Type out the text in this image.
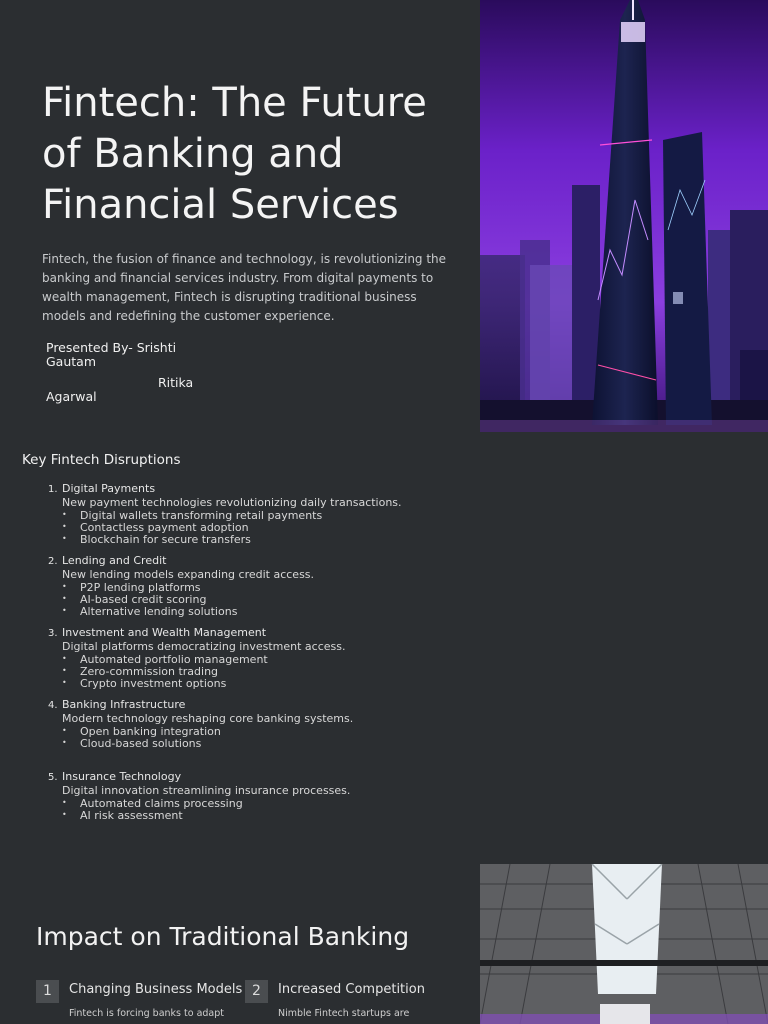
Fintech: The Future of Banking and Financial Services

Fintech, the fusion of finance and technology, is revolutionizing the banking and financial services industry. From digital payments to wealth management, Fintech is disrupting traditional business models and redefining the customer experience.

Presented By- Srishti Gautam
Ritika
Agarwal
Key Fintech Disruptions
1. Digital Payments

New payment technologies revolutionizing daily transactions.

• Digital wallets transforming retail payments
• Contactless payment adoption
• Blockchain for secure transfers
2. Lending and Credit

New lending models expanding credit access.

• P2P lending platforms
• AI-based credit scoring
• Alternative lending solutions
3. Investment and Wealth Management

Digital platforms democratizing investment access.

• Automated portfolio management
• Zero-commission trading
• Crypto investment options
4. Banking Infrastructure

Modern technology reshaping core banking systems.

• Open banking integration
• Cloud-based solutions
5. Insurance Technology

Digital innovation streamlining insurance processes.

• Automated claims processing
• AI risk assessment
Impact on Traditional Banking
1	Changing Business Models
Fintech is forcing banks to adapt
2	Increased Competition
Nimble Fintech startups are
